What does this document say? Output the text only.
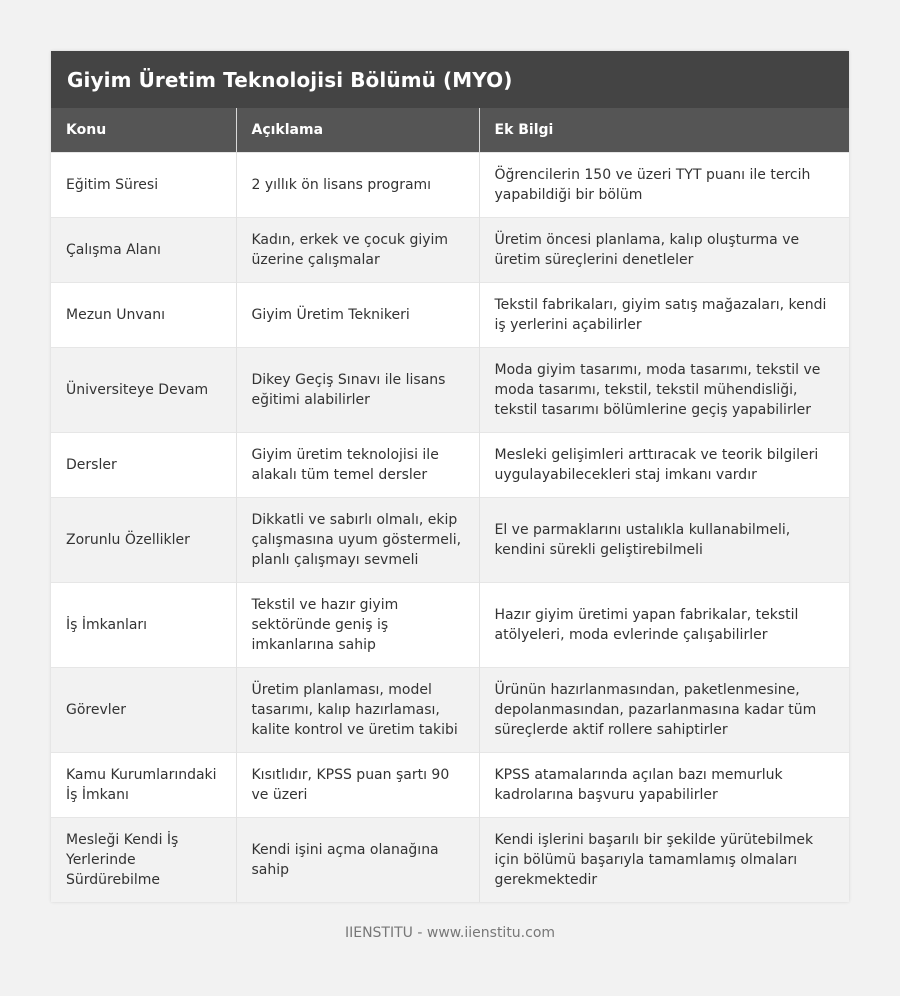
Giyim Üretim Teknolojisi Bölümü (MYO)
Konu	Açıklama	Ek Bilgi
Eğitim Süresi	2 yıllık ön lisans programı	Öğrencilerin 150 ve üzeri TYT puanı ile tercih yapabildiği bir bölüm
Çalışma Alanı	Kadın, erkek ve çocuk giyim üzerine çalışmalar	Üretim öncesi planlama, kalıp oluşturma ve üretim süreçlerini denetleler
Mezun Unvanı	Giyim Üretim Teknikeri	Tekstil fabrikaları, giyim satış mağazaları, kendi iş yerlerini açabilirler
Üniversiteye Devam	Dikey Geçiş Sınavı ile lisans eğitimi alabilirler	Moda giyim tasarımı, moda tasarımı, tekstil ve moda tasarımı, tekstil, tekstil mühendisliği, tekstil tasarımı bölümlerine geçiş yapabilirler
Dersler	Giyim üretim teknolojisi ile alakalı tüm temel dersler	Mesleki gelişimleri arttıracak ve teorik bilgileri uygulayabilecekleri staj imkanı vardır
Zorunlu Özellikler	Dikkatli ve sabırlı olmalı, ekip çalışmasına uyum göstermeli, planlı çalışmayı sevmeli	El ve parmaklarını ustalıkla kullanabilmeli, kendini sürekli geliştirebilmeli
İş İmkanları	Tekstil ve hazır giyim sektöründe geniş iş imkanlarına sahip	Hazır giyim üretimi yapan fabrikalar, tekstil atölyeleri, moda evlerinde çalışabilirler
Görevler	Üretim planlaması, model tasarımı, kalıp hazırlaması, kalite kontrol ve üretim takibi	Ürünün hazırlanmasından, paketlenmesine, depolanmasından, pazarlanmasına kadar tüm süreçlerde aktif rollere sahiptirler
Kamu Kurumlarındaki İş İmkanı	Kısıtlıdır, KPSS puan şartı 90 ve üzeri	KPSS atamalarında açılan bazı memurluk kadrolarına başvuru yapabilirler
Mesleği Kendi İş Yerlerinde Sürdürebilme	Kendi işini açma olanağına sahip	Kendi işlerini başarılı bir şekilde yürütebilmek için bölümü başarıyla tamamlamış olmaları gerekmektedir
IIENSTITU - www.iienstitu.com
